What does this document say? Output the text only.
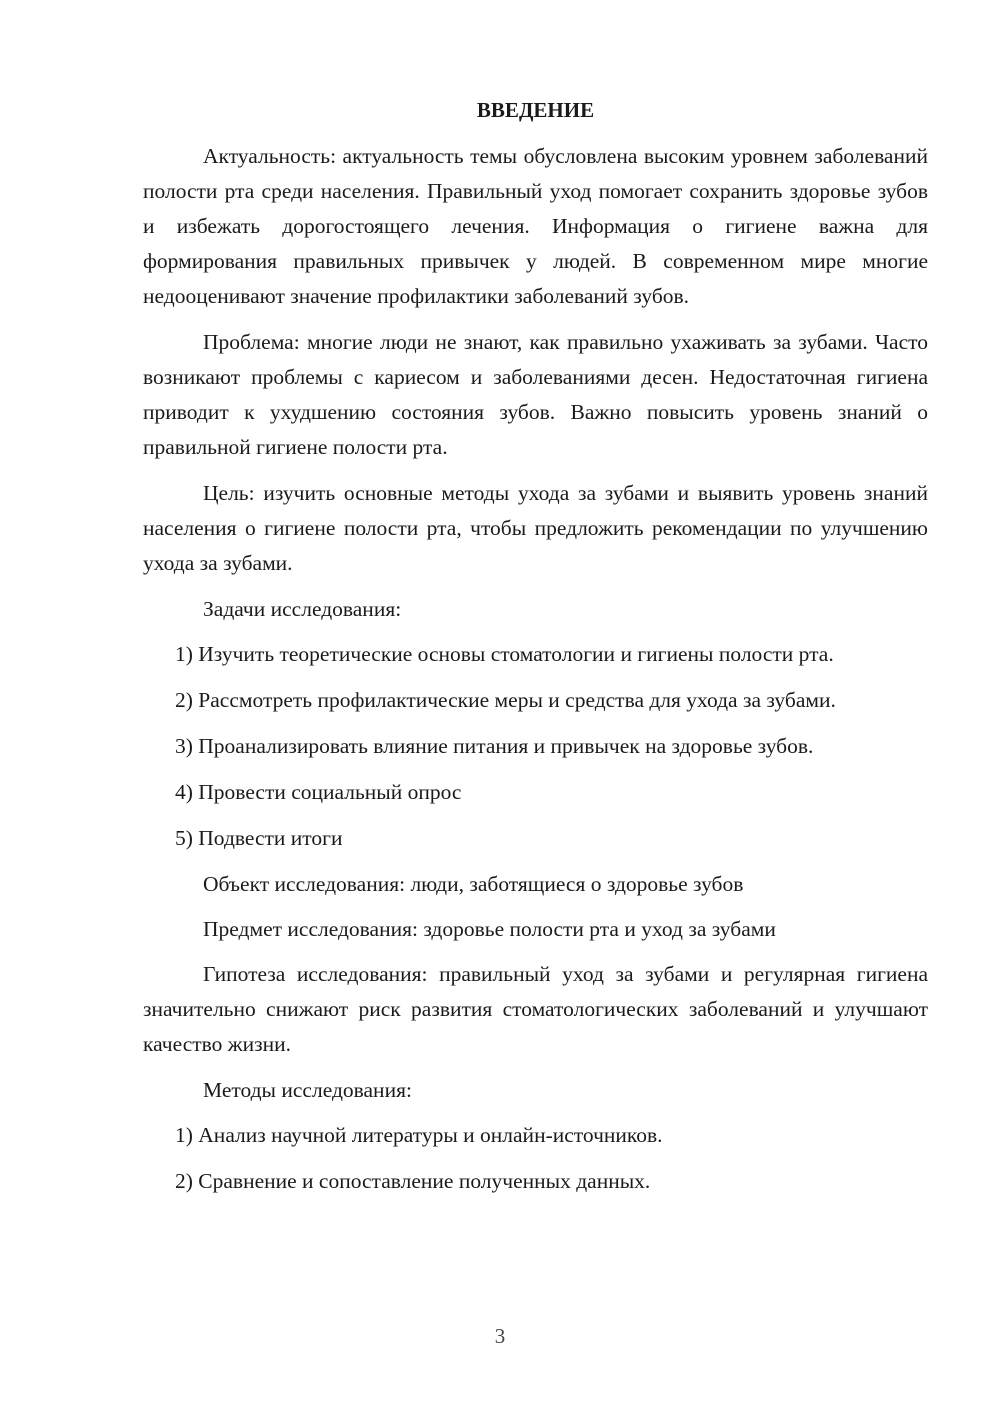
ВВЕДЕНИЕ
Актуальность: актуальность темы обусловлена высоким уровнем заболеваний полости рта среди населения. Правильный уход помогает сохранить здоровье зубов и избежать дорогостоящего лечения. Информация о гигиене важна для формирования правильных привычек у людей. В современном мире многие недооценивают значение профилактики заболеваний зубов.
Проблема: многие люди не знают, как правильно ухаживать за зубами. Часто возникают проблемы с кариесом и заболеваниями десен. Недостаточная гигиена приводит к ухудшению состояния зубов. Важно повысить уровень знаний о правильной гигиене полости рта.
Цель: изучить основные методы ухода за зубами и выявить уровень знаний населения о гигиене полости рта, чтобы предложить рекомендации по улучшению ухода за зубами.
Задачи исследования:
1) Изучить теоретические основы стоматологии и гигиены полости рта.
2) Рассмотреть профилактические меры и средства для ухода за зубами.
3) Проанализировать влияние питания и привычек на здоровье зубов.
4) Провести социальный опрос
5) Подвести итоги
Объект исследования: люди, заботящиеся о здоровье зубов
Предмет исследования: здоровье полости рта и уход за зубами
Гипотеза исследования: правильный уход за зубами и регулярная гигиена значительно снижают риск развития стоматологических заболеваний и улучшают качество жизни.
Методы исследования:
1) Анализ научной литературы и онлайн-источников.
2) Сравнение и сопоставление полученных данных.
3
